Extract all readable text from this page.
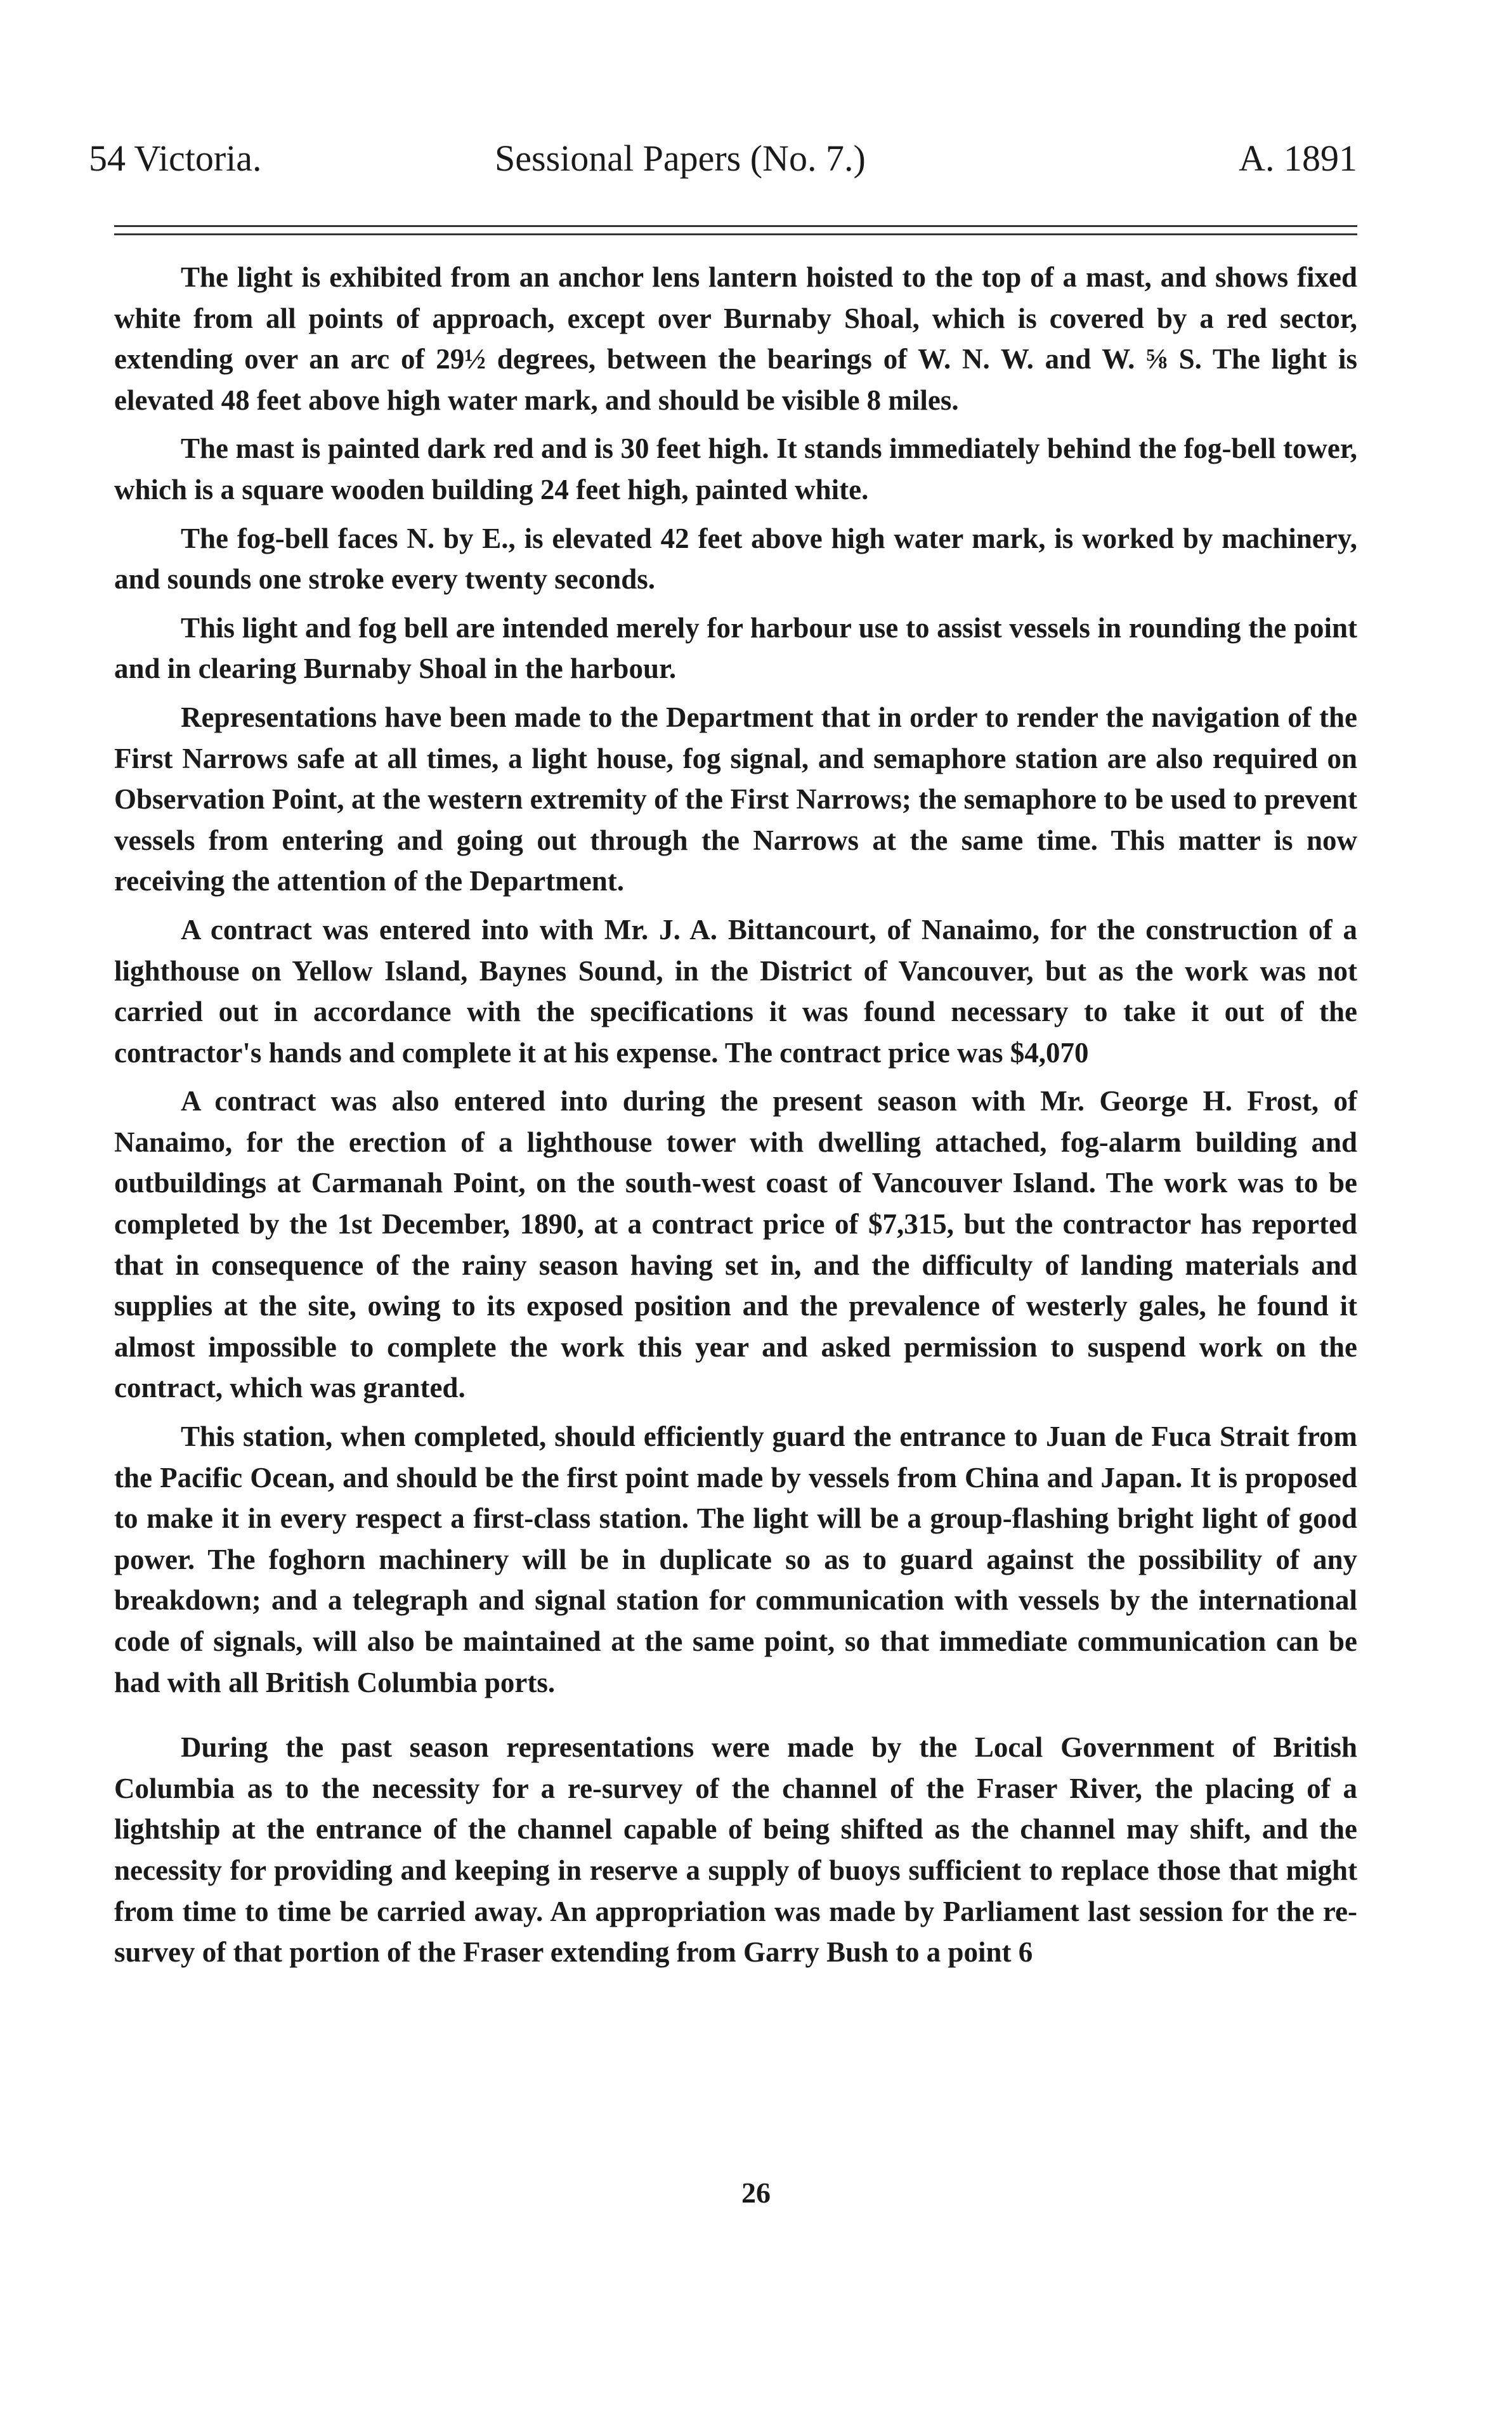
54 Victoria.	Sessional Papers (No. 7.)	A. 1891

The light is exhibited from an anchor lens lantern hoisted to the top of a mast, and shows fixed white from all points of approach, except over Burnaby Shoal, which is covered by a red sector, extending over an arc of 29½ degrees, between the bearings of W. N. W. and W. ⅝ S. The light is elevated 48 feet above high water mark, and should be visible 8 miles.

The mast is painted dark red and is 30 feet high. It stands immediately behind the fog-bell tower, which is a square wooden building 24 feet high, painted white.

The fog-bell faces N. by E., is elevated 42 feet above high water mark, is worked by machinery, and sounds one stroke every twenty seconds.

This light and fog bell are intended merely for harbour use to assist vessels in rounding the point and in clearing Burnaby Shoal in the harbour.

Representations have been made to the Department that in order to render the navigation of the First Narrows safe at all times, a light house, fog signal, and semaphore station are also required on Observation Point, at the western extremity of the First Narrows; the semaphore to be used to prevent vessels from entering and going out through the Narrows at the same time. This matter is now receiving the attention of the Department.

A contract was entered into with Mr. J. A. Bittancourt, of Nanaimo, for the construction of a lighthouse on Yellow Island, Baynes Sound, in the District of Vancouver, but as the work was not carried out in accordance with the specifications it was found necessary to take it out of the contractor's hands and complete it at his expense. The contract price was $4,070

A contract was also entered into during the present season with Mr. George H. Frost, of Nanaimo, for the erection of a lighthouse tower with dwelling attached, fog-alarm building and outbuildings at Carmanah Point, on the south-west coast of Vancouver Island. The work was to be completed by the 1st December, 1890, at a contract price of $7,315, but the contractor has reported that in consequence of the rainy season having set in, and the difficulty of landing materials and supplies at the site, owing to its exposed position and the prevalence of westerly gales, he found it almost impossible to complete the work this year and asked permission to suspend work on the contract, which was granted.

This station, when completed, should efficiently guard the entrance to Juan de Fuca Strait from the Pacific Ocean, and should be the first point made by vessels from China and Japan. It is proposed to make it in every respect a first-class station. The light will be a group-flashing bright light of good power. The foghorn machinery will be in duplicate so as to guard against the possibility of any breakdown; and a telegraph and signal station for communication with vessels by the international code of signals, will also be maintained at the same point, so that immediate communication can be had with all British Columbia ports.

During the past season representations were made by the Local Government of British Columbia as to the necessity for a re-survey of the channel of the Fraser River, the placing of a lightship at the entrance of the channel capable of being shifted as the channel may shift, and the necessity for providing and keeping in reserve a supply of buoys sufficient to replace those that might from time to time be carried away. An appropriation was made by Parliament last session for the re-survey of that portion of the Fraser extending from Garry Bush to a point 6

26
